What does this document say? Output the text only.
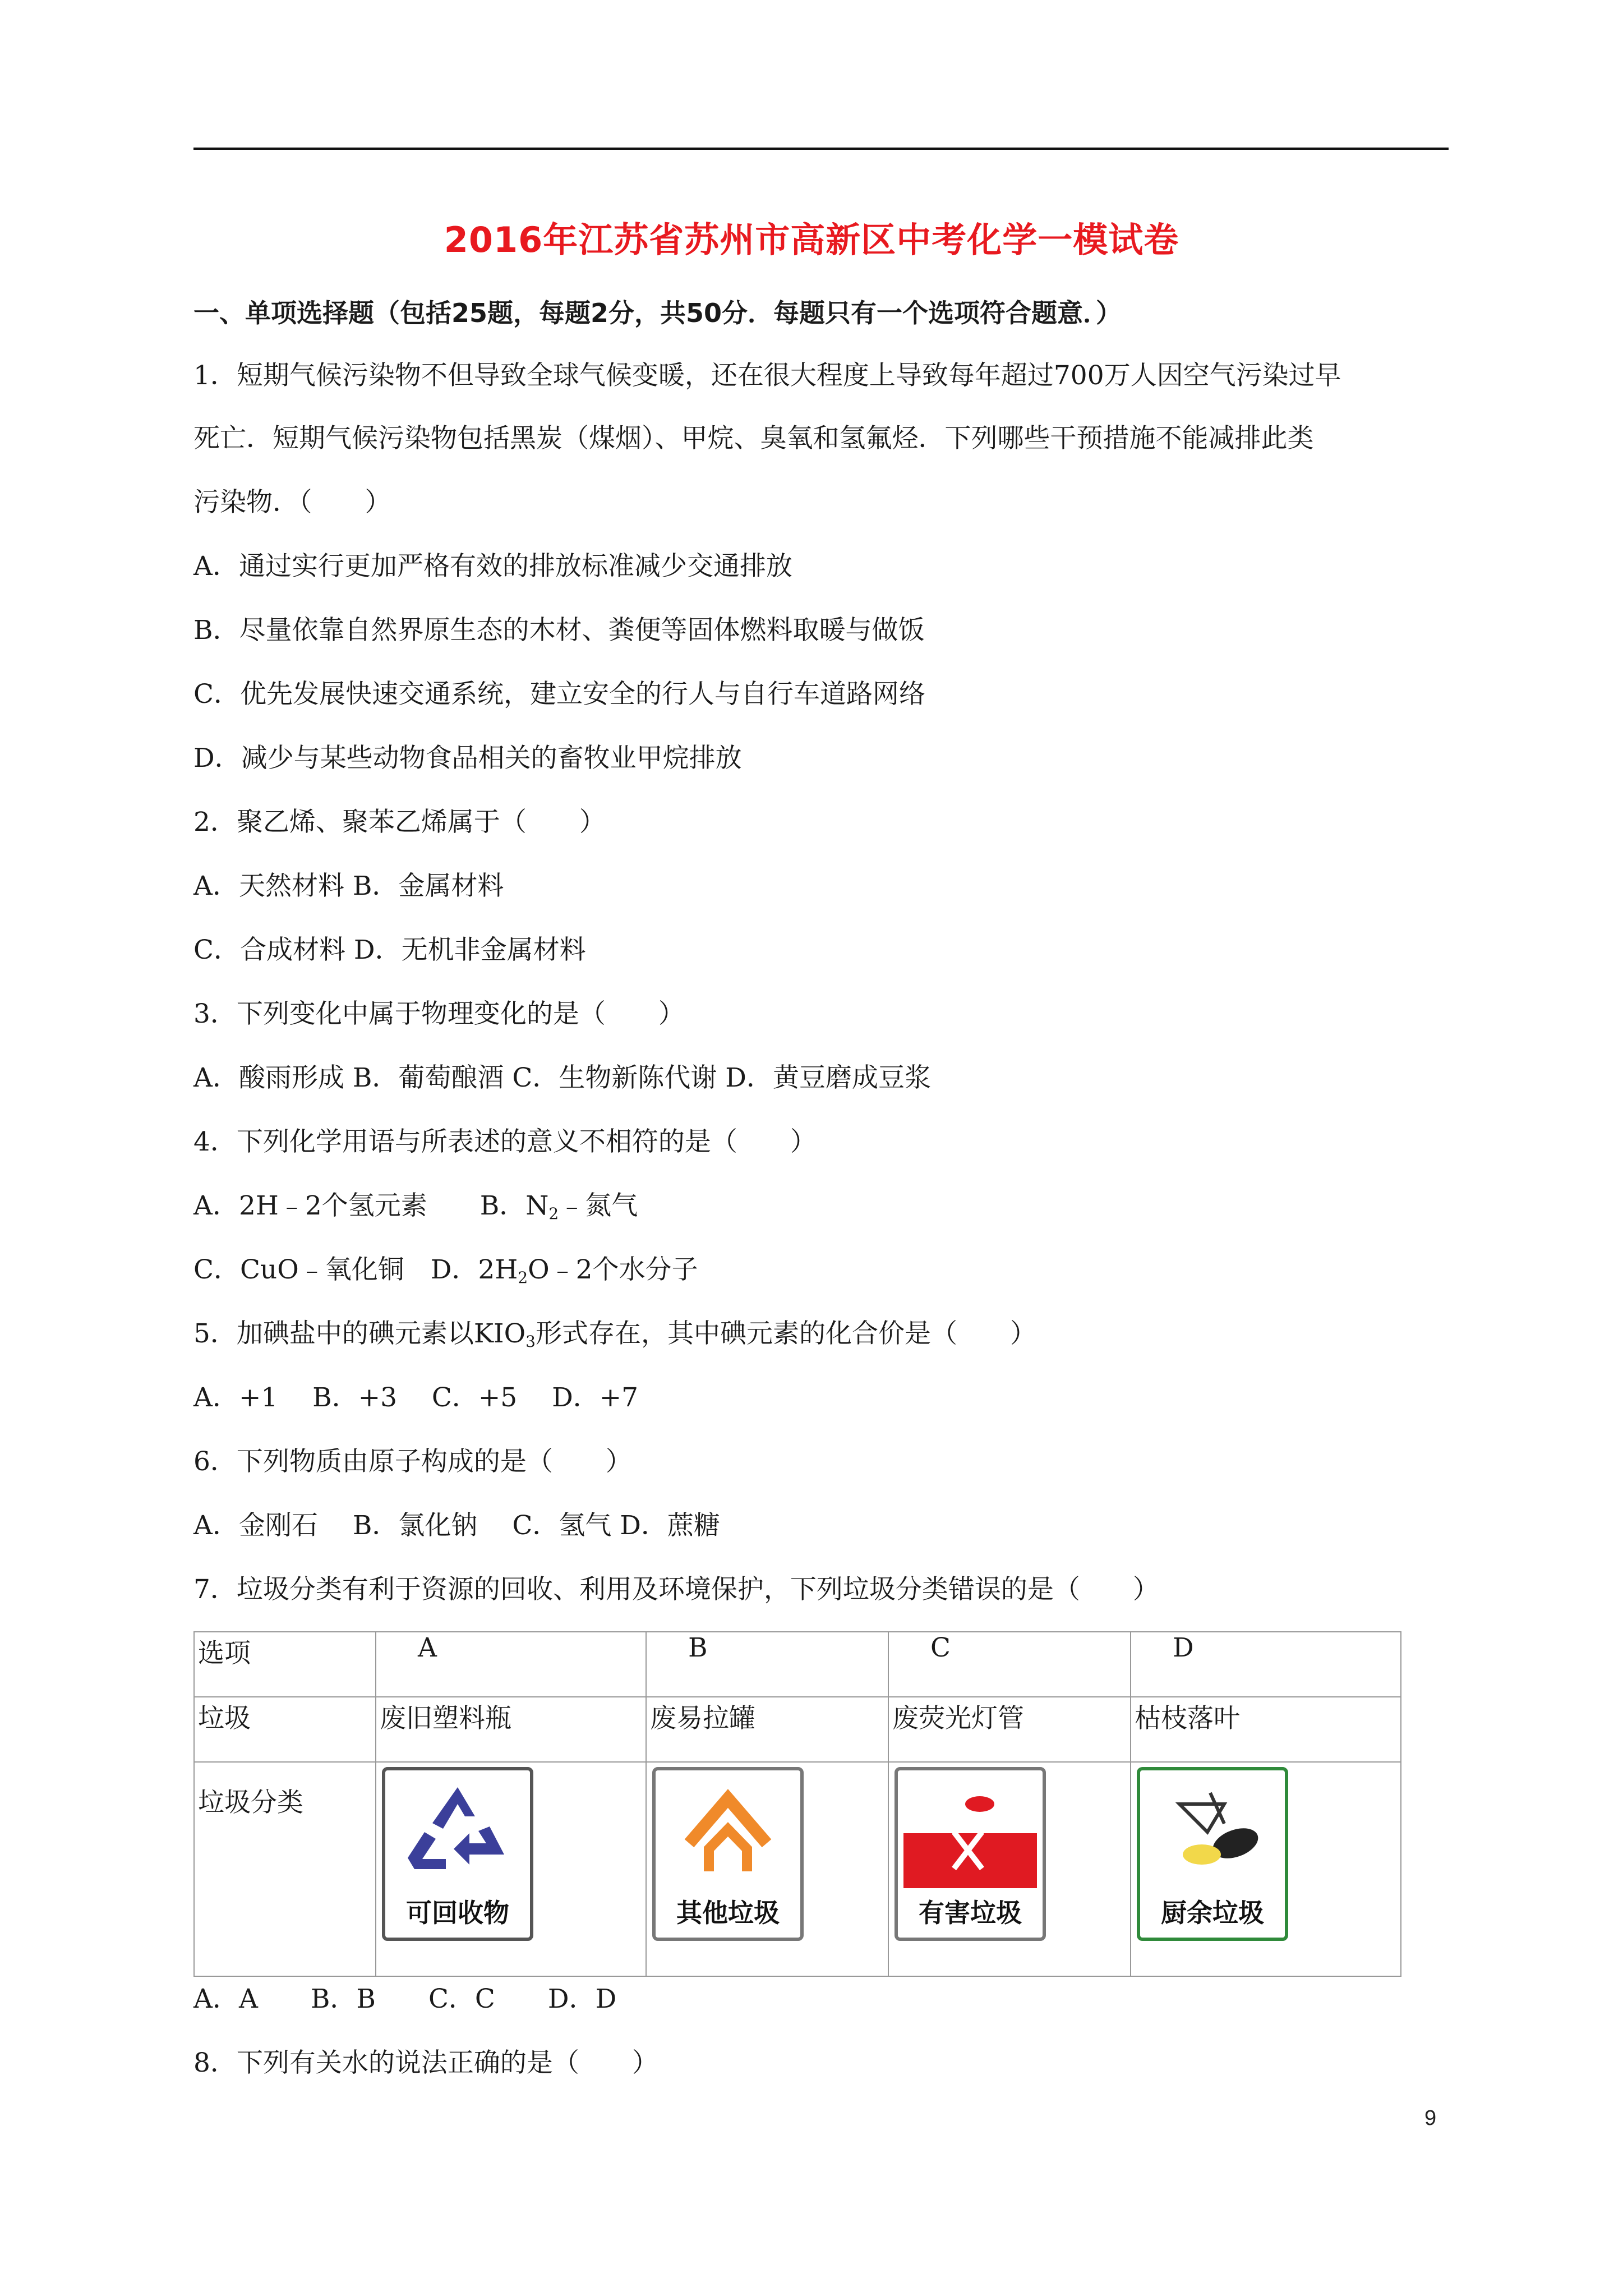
2016年江苏省苏州市高新区中考化学一模试卷
一、单项选择题（包括25题，每题2分，共50分．每题只有一个选项符合题意．）
1．短期气候污染物不但导致全球气候变暖，还在很大程度上导致每年超过700万人因空气污染过早
死亡．短期气候污染物包括黑炭（煤烟）、甲烷、臭氧和氢氟烃．下列哪些干预措施不能减排此类
污染物．（　　）
A．通过实行更加严格有效的排放标准减少交通排放
B．尽量依靠自然界原生态的木材、粪便等固体燃料取暖与做饭
C．优先发展快速交通系统，建立安全的行人与自行车道路网络
D．减少与某些动物食品相关的畜牧业甲烷排放
2．聚乙烯、聚苯乙烯属于（　　）
A．天然材料 B．金属材料
C．合成材料 D．无机非金属材料
3．下列变化中属于物理变化的是（　　）
A．酸雨形成 B．葡萄酿酒 C．生物新陈代谢 D．黄豆磨成豆浆
4．下列化学用语与所表述的意义不相符的是（　　）
A．2H﹣2个氢元素　　 B．$N_2﹣$氮气
C．CuO﹣氧化铜　 D．$2H_2O﹣2$个水分子
5．加碘盐中的碘元素以$KIO_3$形式存在，其中碘元素的化合价是（　　）
A．+1　 B．+3　 C．+5　 D．+7
6．下列物质由原子构成的是（　　）
A．金刚石　 B．氯化钠　 C．氢气 D．蔗糖
7．垃圾分类有利于资源的回收、利用及环境保护，下列垃圾分类错误的是（　　）
选项	A	B	C	D
垃圾	废旧塑料瓶	废易拉罐	废荧光灯管	枯枝落叶

垃圾分类	可回收物	其他垃圾	有害垃圾	厨余垃圾
A．A　　B．B　　C．C　　D．D
8．下列有关水的说法正确的是（　　）
9
